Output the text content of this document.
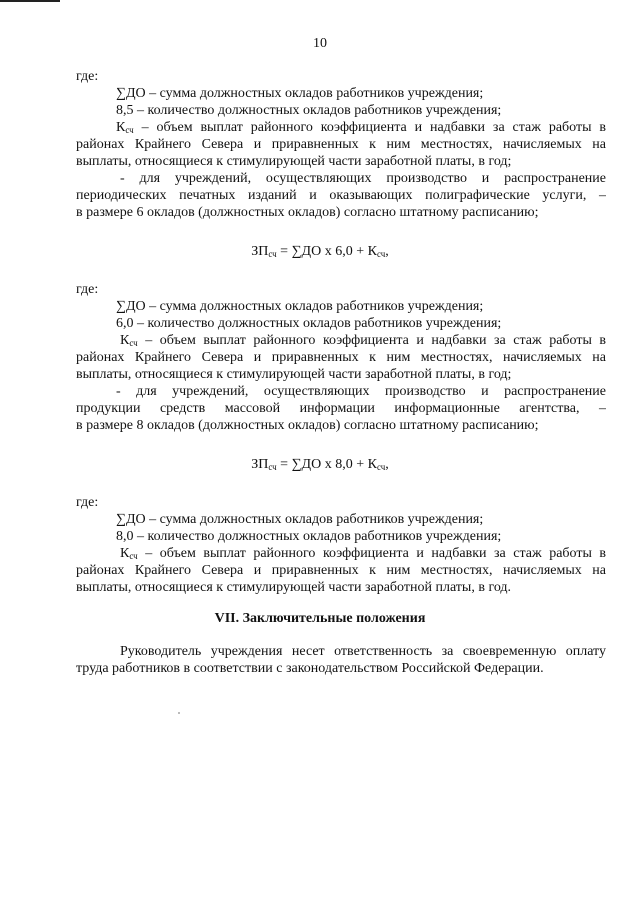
10
где:
∑ДО – сумма должностных окладов работников учреждения;
8,5 – количество должностных окладов работников учреждения;
$К_{сч}$ – объем выплат районного коэффициента и надбавки за стаж работы в
районах Крайнего Севера и приравненных к ним местностях, начисляемых на
выплаты, относящиеся к стимулирующей части заработной платы, в год;
- для учреждений, осуществляющих производство и распространение
периодических печатных изданий и оказывающих полиграфические услуги, –
в размере 6 окладов (должностных окладов) согласно штатному расписанию;
$ЗП_{сч} = \sum ДО$ х $6,0 + К_{сч}$,
где:
∑ДО – сумма должностных окладов работников учреждения;
6,0 – количество должностных окладов работников учреждения;
$К_{сч}$ – объем выплат районного коэффициента и надбавки за стаж работы в
районах Крайнего Севера и приравненных к ним местностях, начисляемых на
выплаты, относящиеся к стимулирующей части заработной платы, в год;
- для учреждений, осуществляющих производство и распространение
продукции средств массовой информации информационные агентства, –
в размере 8 окладов (должностных окладов) согласно штатному расписанию;
$ЗП_{сч} = \sum ДО$ х $8,0 + К_{сч}$,
где:
∑ДО – сумма должностных окладов работников учреждения;
8,0 – количество должностных окладов работников учреждения;
$К_{сч}$ – объем выплат районного коэффициента и надбавки за стаж работы в
районах Крайнего Севера и приравненных к ним местностях, начисляемых на
выплаты, относящиеся к стимулирующей части заработной платы, в год.
VII. Заключительные положения
Руководитель учреждения несет ответственность за своевременную оплату
труда работников в соответствии с законодательством Российской Федерации.
